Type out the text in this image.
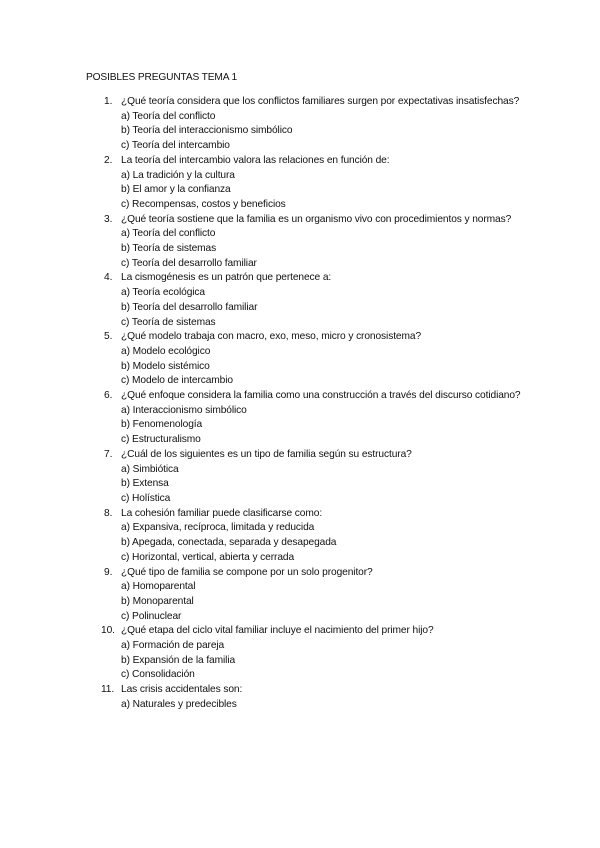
POSIBLES PREGUNTAS TEMA 1
1. ¿Qué teoría considera que los conflictos familiares surgen por expectativas insatisfechas?
a) Teoría del conflicto
b) Teoría del interaccionismo simbólico
c) Teoría del intercambio
2. La teoría del intercambio valora las relaciones en función de:
a) La tradición y la cultura
b) El amor y la confianza
c) Recompensas, costos y beneficios
3. ¿Qué teoría sostiene que la familia es un organismo vivo con procedimientos y normas?
a) Teoría del conflicto
b) Teoría de sistemas
c) Teoría del desarrollo familiar
4. La cismogénesis es un patrón que pertenece a:
a) Teoría ecológica
b) Teoría del desarrollo familiar
c) Teoría de sistemas
5. ¿Qué modelo trabaja con macro, exo, meso, micro y cronosistema?
a) Modelo ecológico
b) Modelo sistémico
c) Modelo de intercambio
6. ¿Qué enfoque considera la familia como una construcción a través del discurso cotidiano?
a) Interaccionismo simbólico
b) Fenomenología
c) Estructuralismo
7. ¿Cuál de los siguientes es un tipo de familia según su estructura?
a) Simbiótica
b) Extensa
c) Holística
8. La cohesión familiar puede clasificarse como:
a) Expansiva, recíproca, limitada y reducida
b) Apegada, conectada, separada y desapegada
c) Horizontal, vertical, abierta y cerrada
9. ¿Qué tipo de familia se compone por un solo progenitor?
a) Homoparental
b) Monoparental
c) Polinuclear
10. ¿Qué etapa del ciclo vital familiar incluye el nacimiento del primer hijo?
a) Formación de pareja
b) Expansión de la familia
c) Consolidación
11. Las crisis accidentales son:
a) Naturales y predecibles
